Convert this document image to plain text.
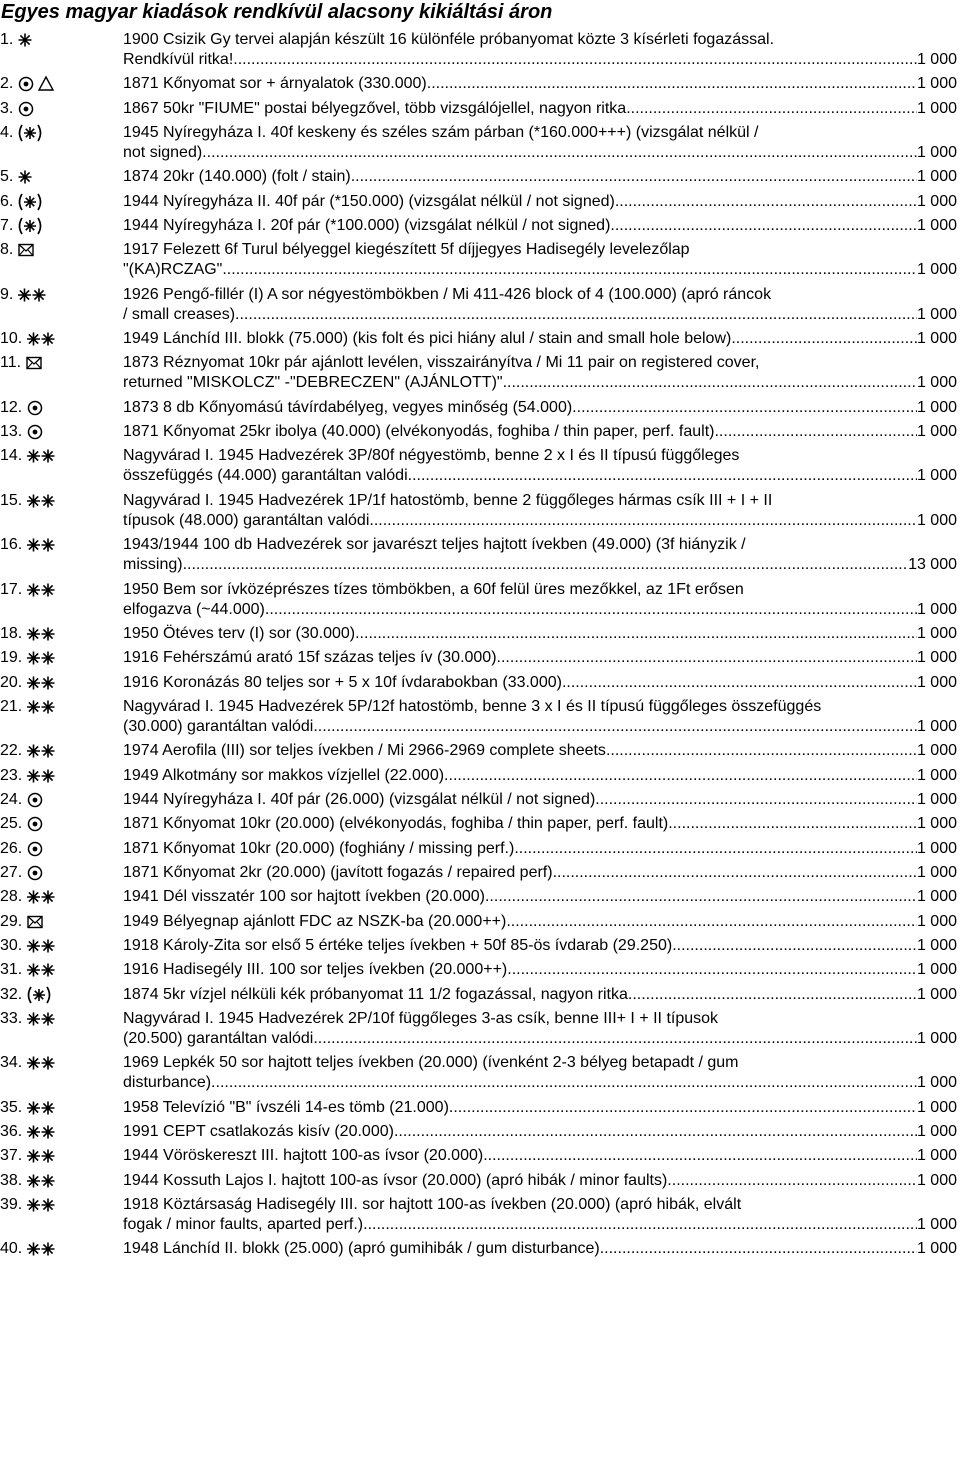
Egyes magyar kiadások rendkívül alacsony kikiáltási áron
1.	1900 Csizik Gy tervei alapján készült 16 különféle próbanyomat közte 3 kísérleti fogazással.
Rendkívül ritka! .....	1 000
2.	1871 Kőnyomat sor + árnyalatok (330.000) .....	1 000
3.	1867 50kr "FIUME" postai bélyegzővel, több vizsgálójellel, nagyon ritka .....	1 000
4.	1945 Nyíregyháza I. 40f keskeny és széles szám párban (*160.000+++) (vizsgálat nélkül /
not signed) .....	1 000
5.	1874 20kr (140.000) (folt / stain) .....	1 000
6.	1944 Nyíregyháza II. 40f pár (*150.000) (vizsgálat nélkül / not signed) .....	1 000
7.	1944 Nyíregyháza I. 20f pár (*100.000) (vizsgálat nélkül / not signed) .....	1 000
8.	1917 Felezett 6f Turul bélyeggel kiegészített 5f díjjegyes Hadisegély levelezőlap
"(KA)RCZAG" .....	1 000
9.	1926 Pengő-fillér (I) A sor négyestömbökben / Mi 411-426 block of 4 (100.000) (apró ráncok
/ small creases) .....	1 000
10.	1949 Lánchíd III. blokk (75.000) (kis folt és pici hiány alul / stain and small hole below) .....	1 000
11.	1873 Réznyomat 10kr pár ajánlott levélen, visszairányítva / Mi 11 pair on registered cover,
returned "MISKOLCZ" -"DEBRECZEN" (AJÁNLOTT)" .....	1 000
12.	1873 8 db Kőnyomású távírdabélyeg, vegyes minőség (54.000) .....	1 000
13.	1871 Kőnyomat 25kr ibolya (40.000) (elvékonyodás, foghiba / thin paper, perf. fault) .....	1 000
14.	Nagyvárad I. 1945 Hadvezérek 3P/80f négyestömb, benne 2 x I és II típusú függőleges
összefüggés (44.000) garantáltan valódi .....	1 000
15.	Nagyvárad I. 1945 Hadvezérek 1P/1f hatostömb, benne 2 függőleges hármas csík III + I + II
típusok (48.000) garantáltan valódi .....	1 000
16.	1943/1944 100 db Hadvezérek sor javarészt teljes hajtott ívekben (49.000) (3f hiányzik /
missing) .....	13 000
17.	1950 Bem sor ívközéprészes tízes tömbökben, a 60f felül üres mezőkkel, az 1Ft erősen
elfogazva (~44.000) .....	1 000
18.	1950 Ötéves terv (I) sor (30.000) .....	1 000
19.	1916 Fehérszámú arató 15f százas teljes ív (30.000) .....	1 000
20.	1916 Koronázás 80 teljes sor + 5 x 10f ívdarabokban (33.000) .....	1 000
21.	Nagyvárad I. 1945 Hadvezérek 5P/12f hatostömb, benne 3 x I és II típusú függőleges összefüggés
(30.000) garantáltan valódi .....	1 000
22.	1974 Aerofila (III) sor teljes ívekben / Mi 2966-2969 complete sheets .....	1 000
23.	1949 Alkotmány sor makkos vízjellel (22.000) .....	1 000
24.	1944 Nyíregyháza I. 40f pár (26.000) (vizsgálat nélkül / not signed) .....	1 000
25.	1871 Kőnyomat 10kr (20.000) (elvékonyodás, foghiba / thin paper, perf. fault) .....	1 000
26.	1871 Kőnyomat 10kr (20.000) (foghiány / missing perf.) .....	1 000
27.	1871 Kőnyomat 2kr (20.000) (javított fogazás / repaired perf) .....	1 000
28.	1941 Dél visszatér 100 sor hajtott ívekben (20.000) .....	1 000
29.	1949 Bélyegnap ajánlott FDC az NSZK-ba (20.000++) .....	1 000
30.	1918 Károly-Zita sor első 5 értéke teljes ívekben + 50f 85-ös ívdarab (29.250) .....	1 000
31.	1916 Hadisegély III. 100 sor teljes ívekben (20.000++) .....	1 000
32.	1874 5kr vízjel nélküli kék próbanyomat 11 1/2 fogazással, nagyon ritka .....	1 000
33.	Nagyvárad I. 1945 Hadvezérek 2P/10f függőleges 3-as csík, benne III+ I + II típusok
(20.500) garantáltan valódi .....	1 000
34.	1969 Lepkék 50 sor hajtott teljes ívekben (20.000) (ívenként 2-3 bélyeg betapadt / gum
disturbance) .....	1 000
35.	1958 Televízió "B" ívszéli 14-es tömb (21.000) .....	1 000
36.	1991 CEPT csatlakozás kisív (20.000) .....	1 000
37.	1944 Vöröskereszt III. hajtott 100-as ívsor (20.000) .....	1 000
38.	1944 Kossuth Lajos I. hajtott 100-as ívsor (20.000) (apró hibák / minor faults) .....	1 000
39.	1918 Köztársaság Hadisegély III. sor hajtott 100-as ívekben (20.000) (apró hibák, elvált
fogak / minor faults, aparted perf.) .....	1 000
40.	1948 Lánchíd II. blokk (25.000) (apró gumihibák / gum disturbance) .....	1 000
